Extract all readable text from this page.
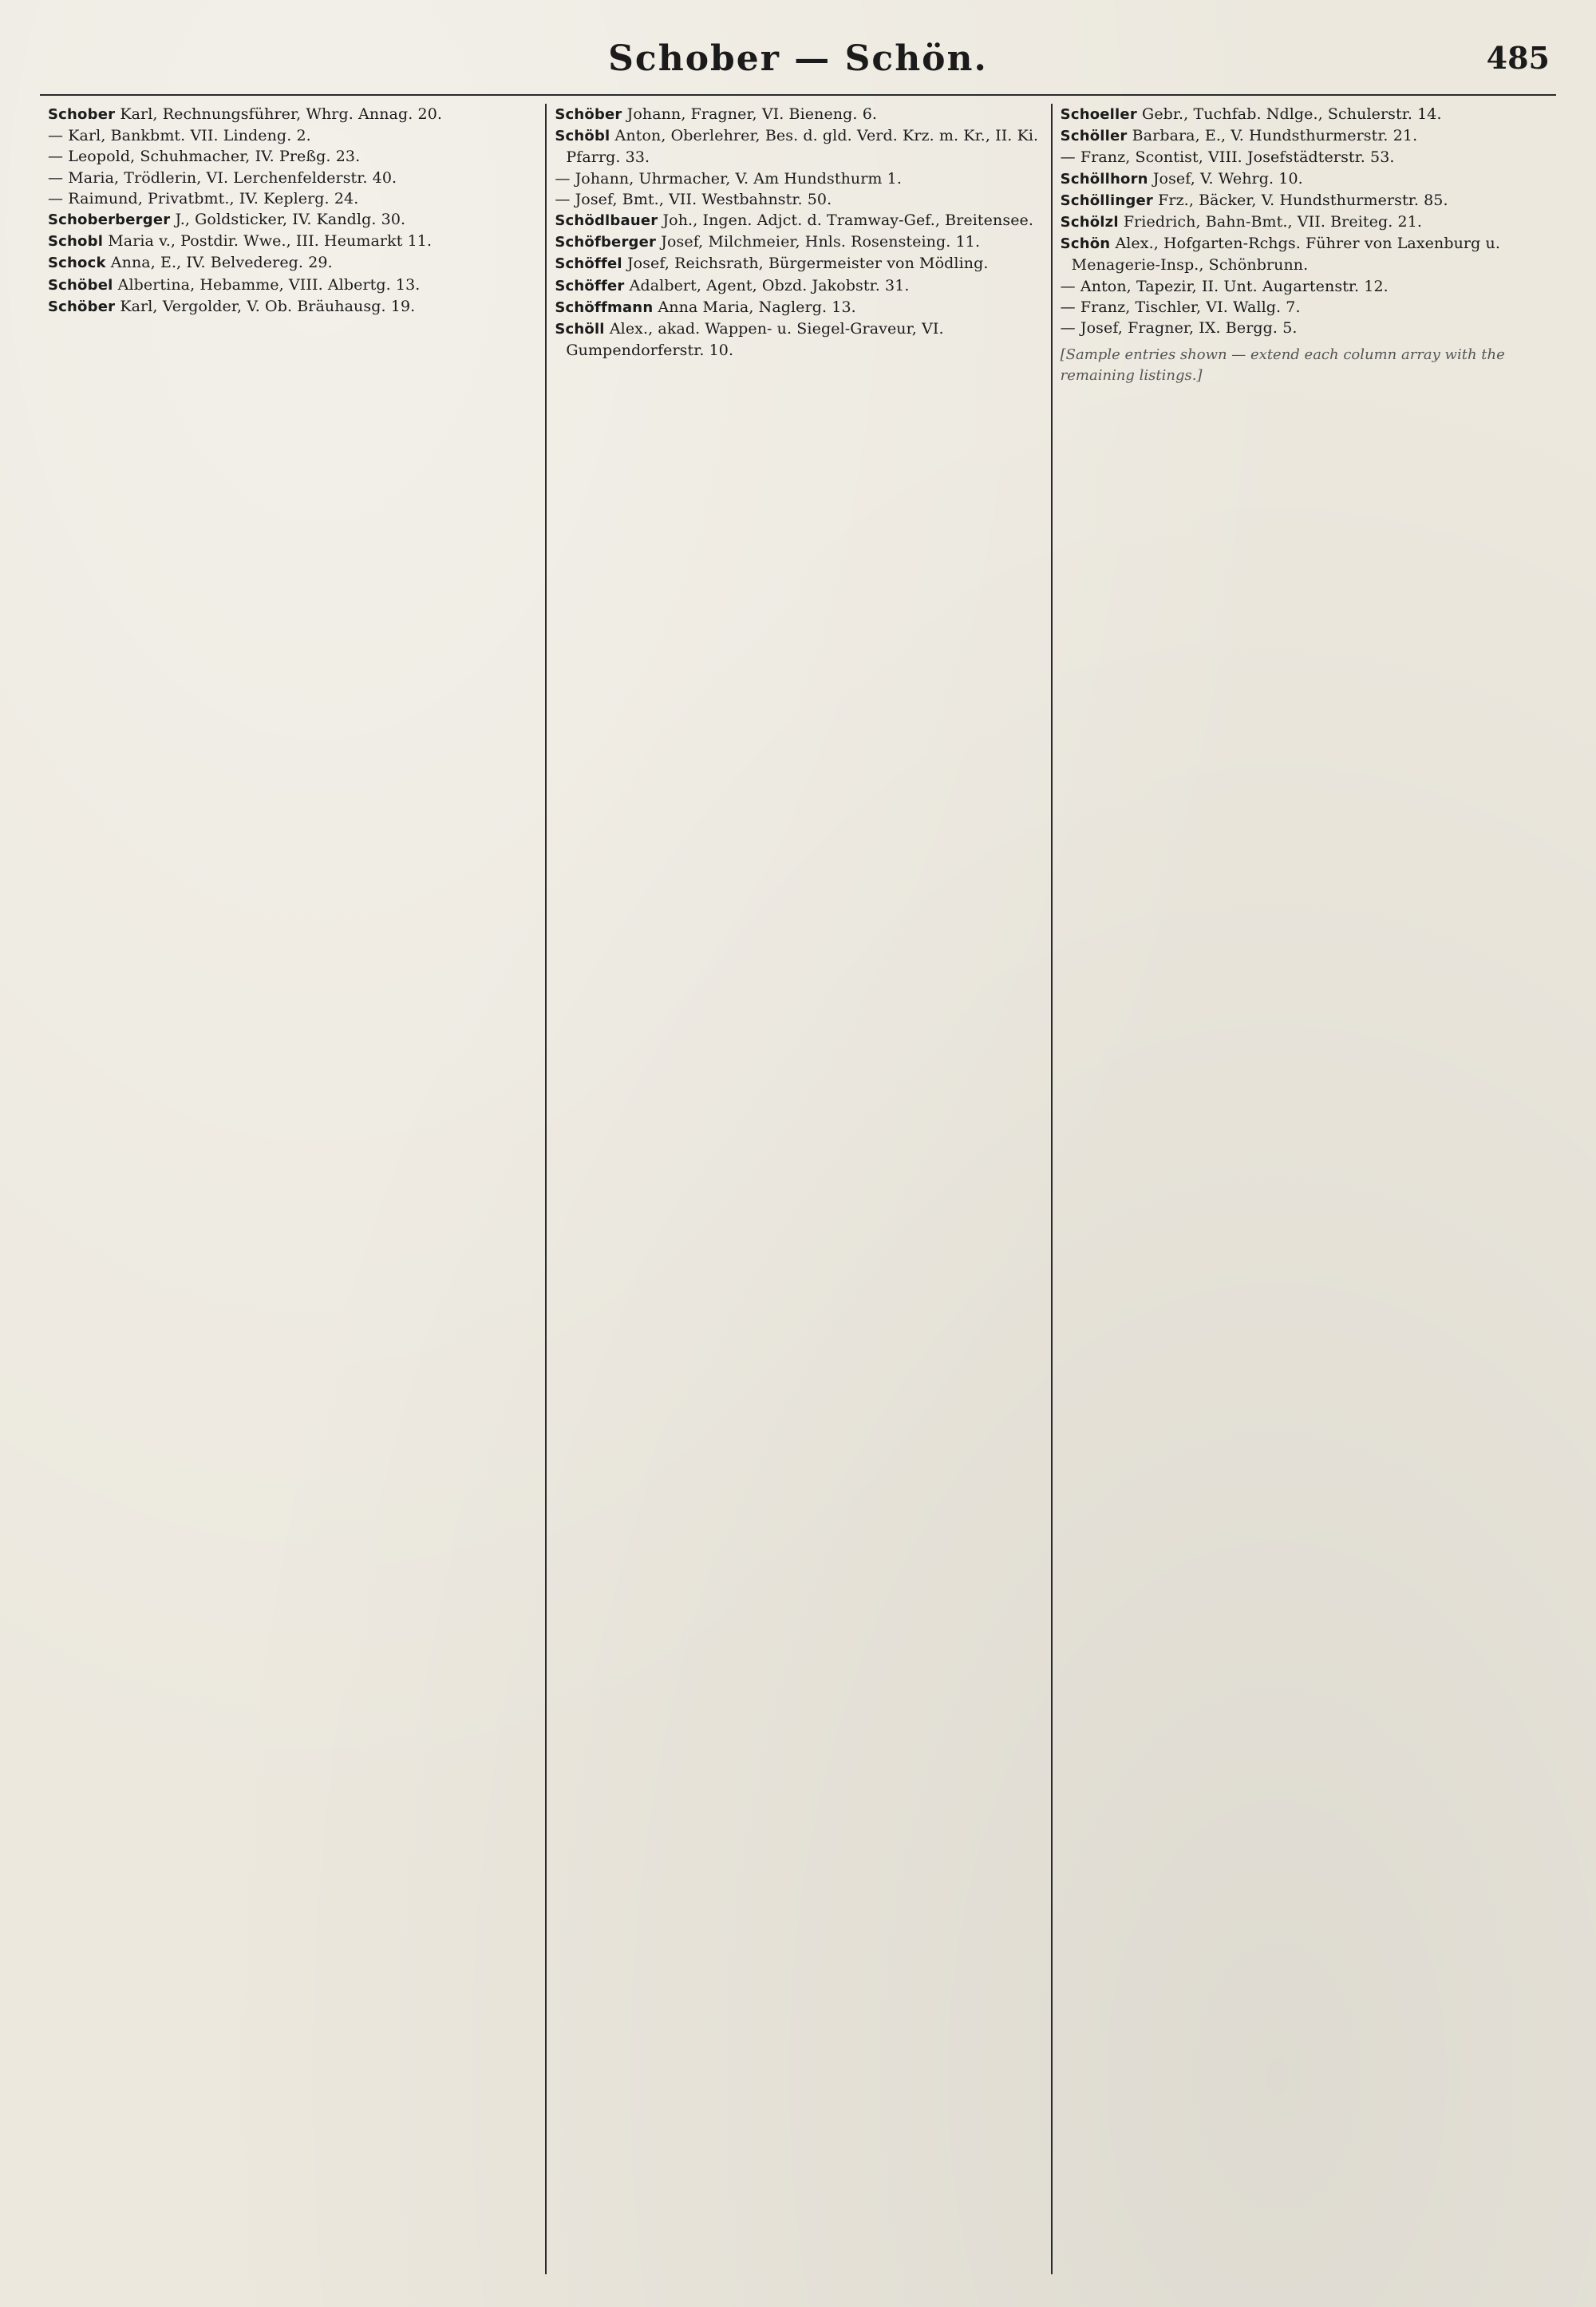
Schober — Schön.	485

Schober Karl, Rechnungsführer, Whrg. Annag. 20.

— Karl, Bankbmt. VII. Lindeng. 2.

— Leopold, Schuhmacher, IV. Preßg. 23.

— Maria, Trödlerin, VI. Lerchenfelderstr. 40.

— Raimund, Privatbmt., IV. Keplerg. 24.

Schoberberger J., Goldsticker, IV. Kandlg. 30.

Schobl Maria v., Postdir. Wwe., III. Heumarkt 11.

Schock Anna, E., IV. Belvedereg. 29.

Schöbel Albertina, Hebamme, VIII. Albertg. 13.

Schöber Karl, Vergolder, V. Ob. Bräuhausg. 19.

Schöber Johann, Fragner, VI. Bieneng. 6.

Schöbl Anton, Oberlehrer, Bes. d. gld. Verd. Krz. m. Kr., II. Ki. Pfarrg. 33.

— Johann, Uhrmacher, V. Am Hundsthurm 1.

— Josef, Bmt., VII. Westbahnstr. 50.

Schödlbauer Joh., Ingen. Adjct. d. Tramway-Gef., Breitensee.

Schöfberger Josef, Milchmeier, Hnls. Rosensteing. 11.

Schöffel Josef, Reichsrath, Bürgermeister von Mödling.

Schöffer Adalbert, Agent, Obzd. Jakobstr. 31.

Schöffmann Anna Maria, Naglerg. 13.

Schöll Alex., akad. Wappen- u. Siegel-Graveur, VI. Gumpendorferstr. 10.

Schoeller Gebr., Tuchfab. Ndlge., Schulerstr. 14.

Schöller Barbara, E., V. Hundsthurmerstr. 21.

— Franz, Scontist, VIII. Josefstädterstr. 53.

Schöllhorn Josef, V. Wehrg. 10.

Schöllinger Frz., Bäcker, V. Hundsthurmerstr. 85.

Schölzl Friedrich, Bahn-Bmt., VII. Breiteg. 21.

Schön Alex., Hofgarten-Rchgs. Führer von Laxenburg u. Menagerie-Insp., Schönbrunn.

— Anton, Tapezir, II. Unt. Augartenstr. 12.

— Franz, Tischler, VI. Wallg. 7.

— Josef, Fragner, IX. Bergg. 5.

[Sample entries shown — extend each column array with the remaining listings.]
